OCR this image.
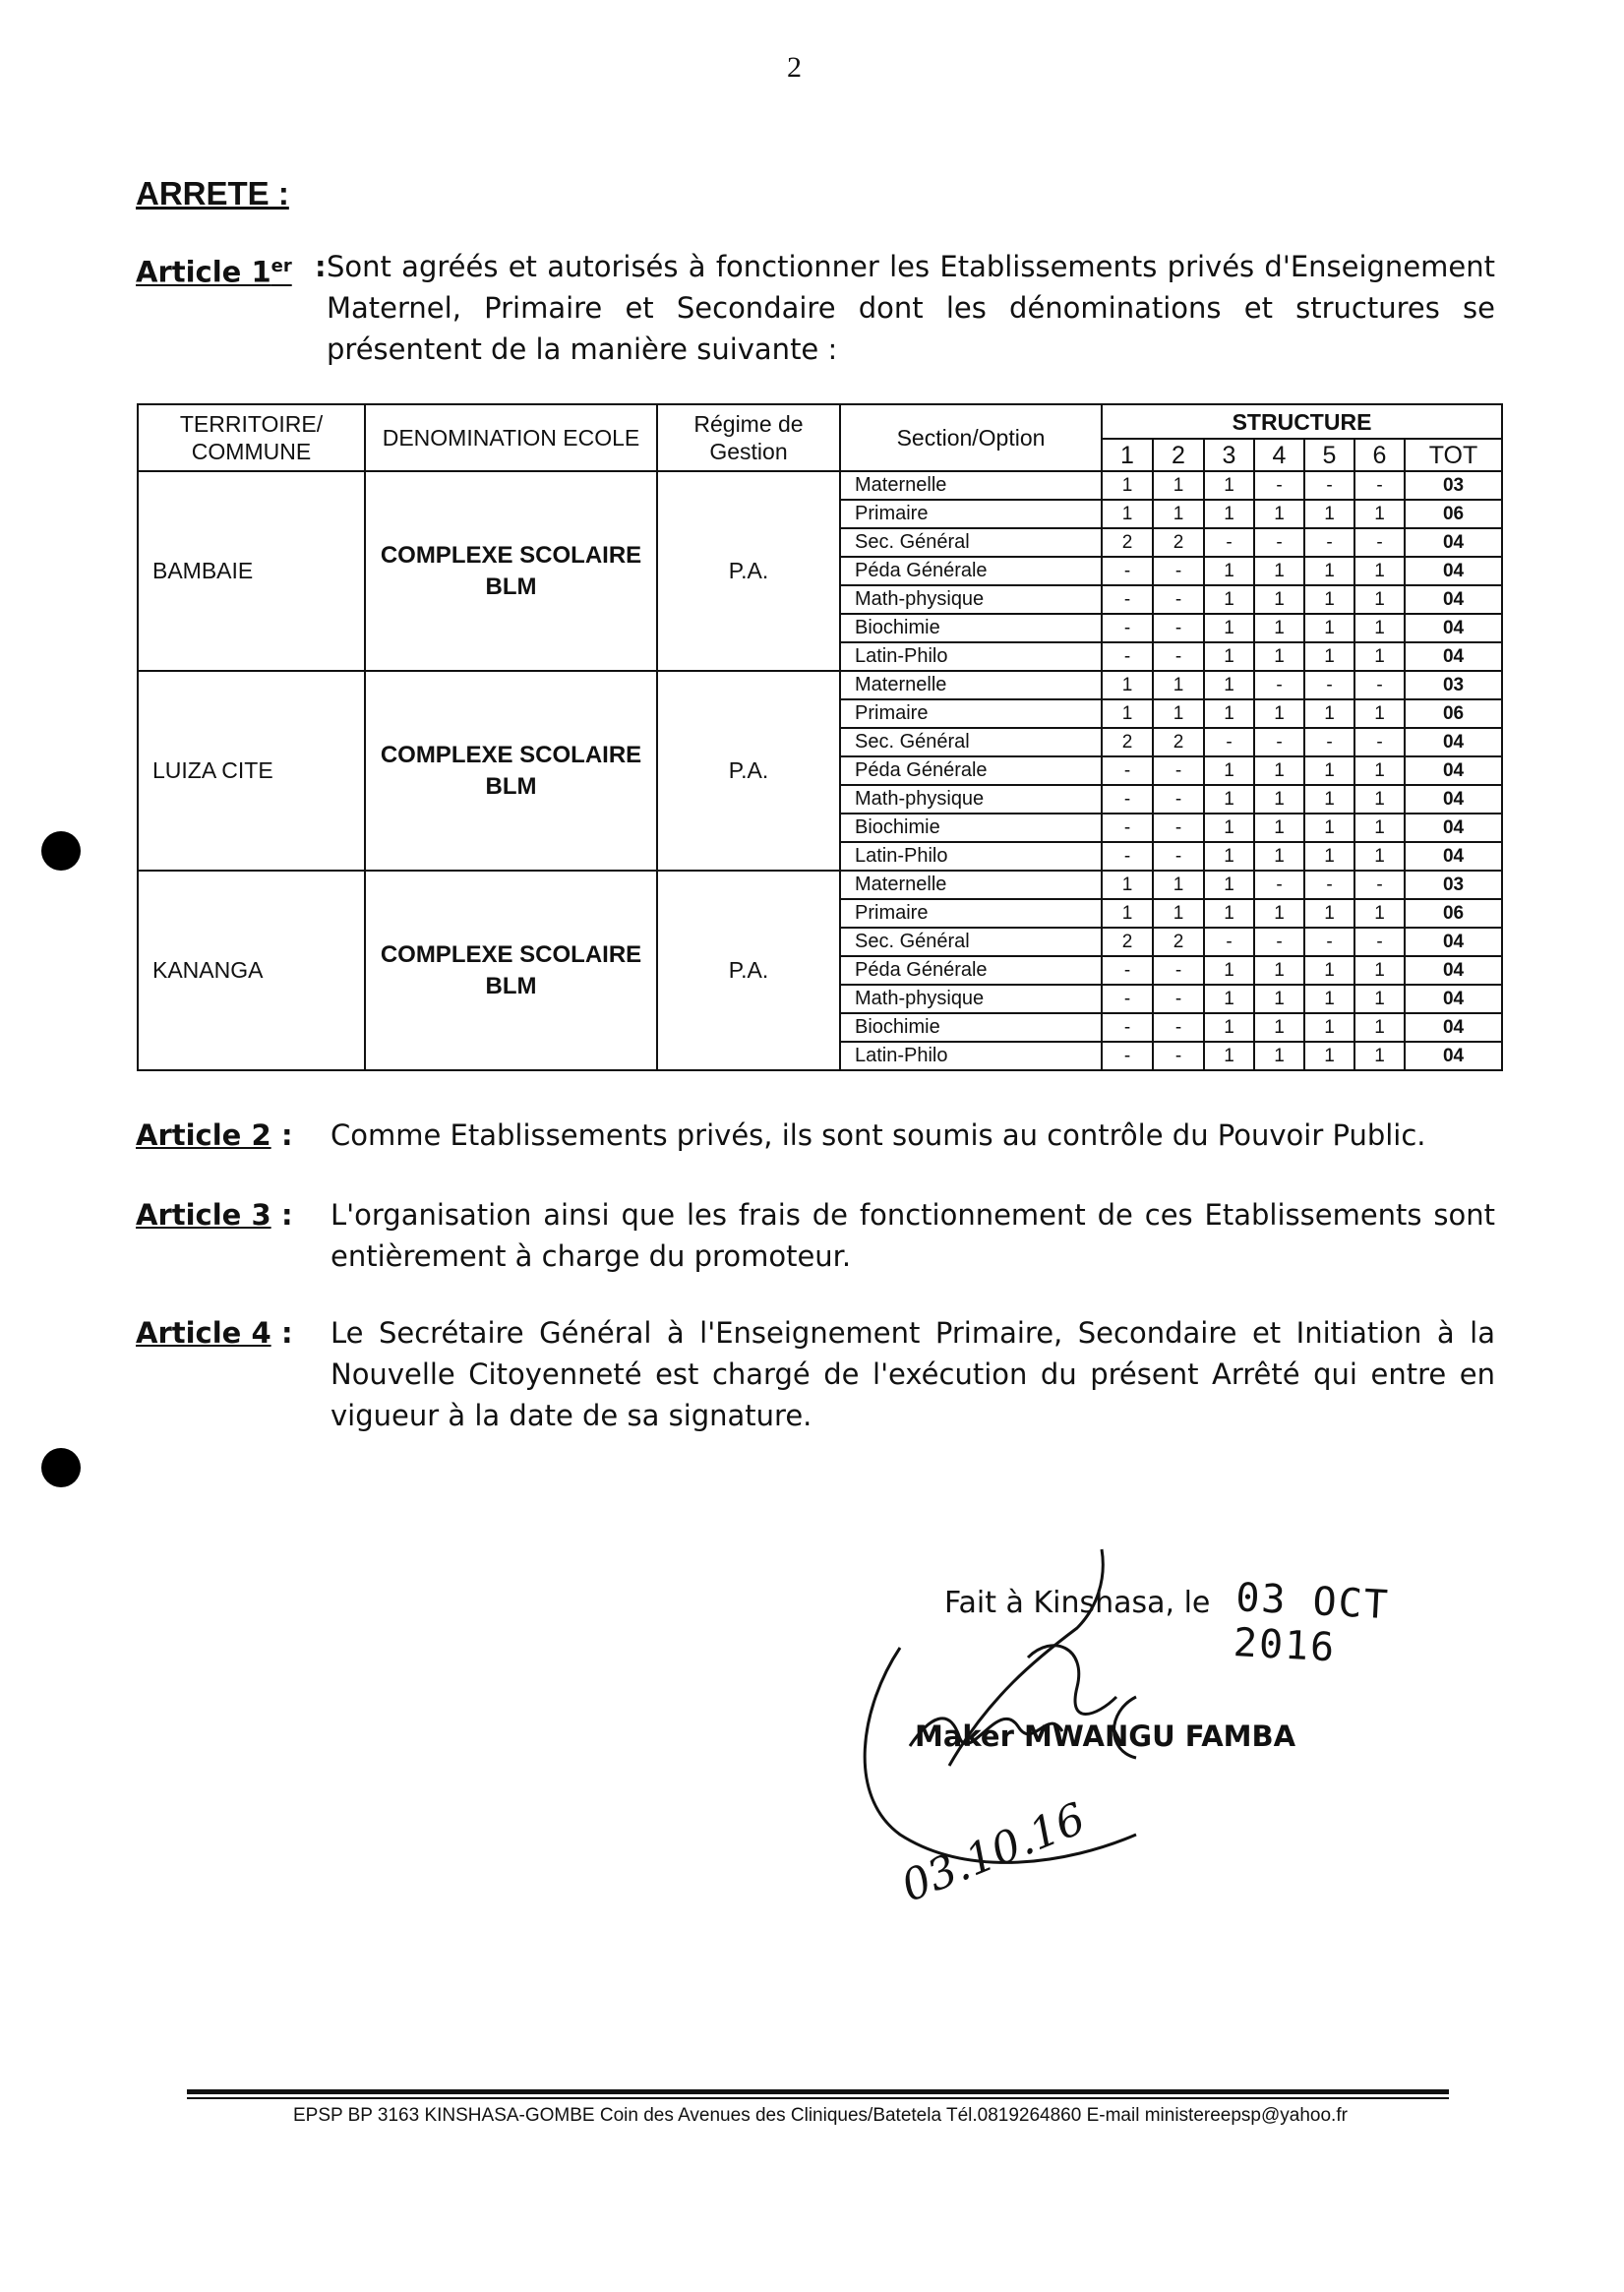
2
ARRETE :
Article 1er : Sont agréés et autorisés à fonctionner les Etablissements privés d'Enseignement Maternel, Primaire et Secondaire dont les dénominations et structures se présentent de la manière suivante :
TERRITOIRE/ COMMUNE	DENOMINATION ECOLE	Régime de Gestion	Section/Option	STRUCTURE						
				1	2	3	4	5	6	TOT
BAMBAIE	COMPLEXE SCOLAIRE BLM	P.A.	Maternelle	1	1	1	-	-	-	03
			Primaire	1	1	1	1	1	1	06
			Sec. Général	2	2	-	-	-	-	04
			Péda Générale	-	-	1	1	1	1	04
			Math-physique	-	-	1	1	1	1	04
			Biochimie	-	-	1	1	1	1	04
			Latin-Philo	-	-	1	1	1	1	04
LUIZA CITE	COMPLEXE SCOLAIRE BLM	P.A.	Maternelle	1	1	1	-	-	-	03
			Primaire	1	1	1	1	1	1	06
			Sec. Général	2	2	-	-	-	-	04
			Péda Générale	-	-	1	1	1	1	04
			Math-physique	-	-	1	1	1	1	04
			Biochimie	-	-	1	1	1	1	04
			Latin-Philo	-	-	1	1	1	1	04
KANANGA	COMPLEXE SCOLAIRE BLM	P.A.	Maternelle	1	1	1	-	-	-	03
			Primaire	1	1	1	1	1	1	06
			Sec. Général	2	2	-	-	-	-	04
			Péda Générale	-	-	1	1	1	1	04
			Math-physique	-	-	1	1	1	1	04
			Biochimie	-	-	1	1	1	1	04
			Latin-Philo	-	-	1	1	1	1	04
Article 2 : Comme Etablissements privés, ils sont soumis au contrôle du Pouvoir Public.
Article 3 : L'organisation ainsi que les frais de fonctionnement de ces Etablissements sont entièrement à charge du promoteur.
Article 4 : Le Secrétaire Général à l'Enseignement Primaire, Secondaire et Initiation à la Nouvelle Citoyenneté est chargé de l'exécution du présent Arrêté qui entre en vigueur à la date de sa signature.
Fait à Kinshasa, le 03 OCT 2016
Maker MWANGU FAMBA
03.10.16
EPSP BP 3163 KINSHASA-GOMBE Coin des Avenues des Cliniques/Batetela Tél.0819264860 E-mail ministereepsp@yahoo.fr
